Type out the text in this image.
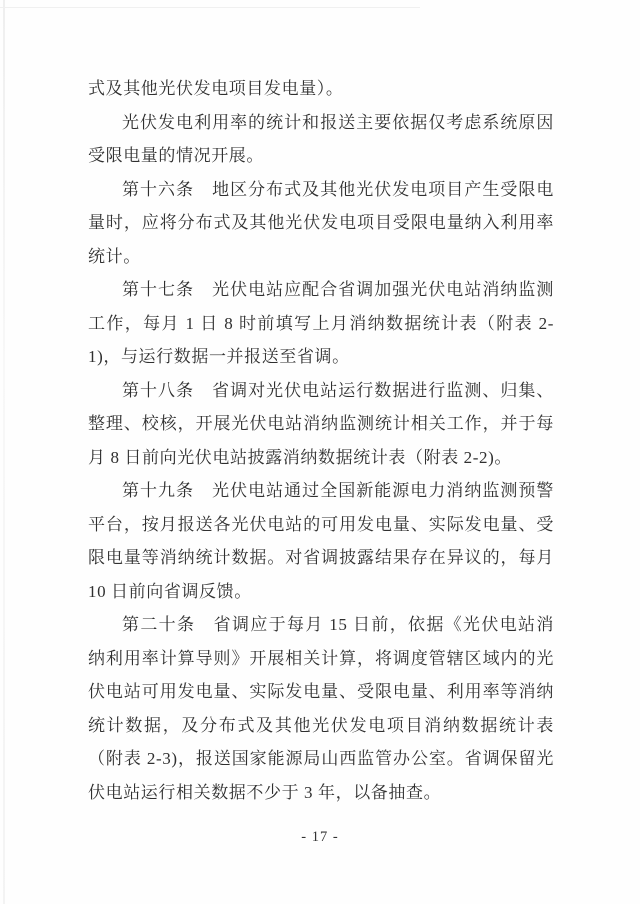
式及其他光伏发电项目发电量）。

光伏发电利用率的统计和报送主要依据仅考虑系统原因受限电量的情况开展。

第十六条　地区分布式及其他光伏发电项目产生受限电量时，应将分布式及其他光伏发电项目受限电量纳入利用率统计。

第十七条　光伏电站应配合省调加强光伏电站消纳监测工作，每月 1 日 8 时前填写上月消纳数据统计表（附表 2-1)，与运行数据一并报送至省调。

第十八条　省调对光伏电站运行数据进行监测、归集、整理、校核，开展光伏电站消纳监测统计相关工作，并于每月 8 日前向光伏电站披露消纳数据统计表（附表 2-2)。

第十九条　光伏电站通过全国新能源电力消纳监测预警平台，按月报送各光伏电站的可用发电量、实际发电量、受限电量等消纳统计数据。对省调披露结果存在异议的，每月 10 日前向省调反馈。

第二十条　省调应于每月 15 日前，依据《光伏电站消纳利用率计算导则》开展相关计算，将调度管辖区域内的光伏电站可用发电量、实际发电量、受限电量、利用率等消纳统计数据，及分布式及其他光伏发电项目消纳数据统计表（附表 2-3)，报送国家能源局山西监管办公室。省调保留光伏电站运行相关数据不少于 3 年，以备抽查。

- 17 -
